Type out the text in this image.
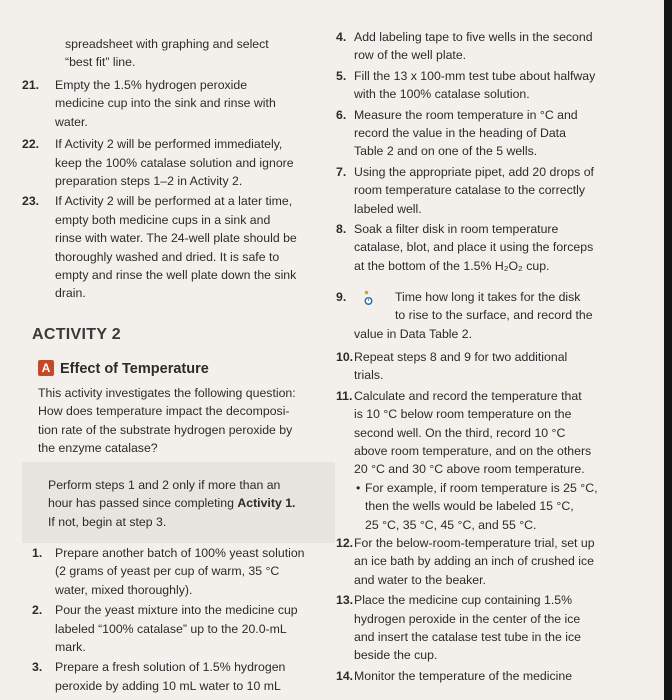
spreadsheet with graphing and select
“best fit” line.
21.	Empty the 1.5% hydrogen peroxide
medicine cup into the sink and rinse with
water.
22.	If Activity 2 will be performed immediately,
keep the 100% catalase solution and ignore
preparation steps 1–2 in Activity 2.
23.	If Activity 2 will be performed at a later time,
empty both medicine cups in a sink and
rinse with water. The 24-well plate should be
thoroughly washed and dried. It is safe to
empty and rinse the well plate down the sink
drain.
ACTIVITY 2
A Effect of Temperature
This activity investigates the following question:
How does temperature impact the decomposi-
tion rate of the substrate hydrogen peroxide by
the enzyme catalase?
Perform steps 1 and 2 only if more than an
hour has passed since completing Activity 1.
If not, begin at step 3.
1.	Prepare another batch of 100% yeast solution
(2 grams of yeast per cup of warm, 35 °C
water, mixed thoroughly).
2.	Pour the yeast mixture into the medicine cup
labeled “100% catalase” up to the 20.0-mL
mark.
3.	Prepare a fresh solution of 1.5% hydrogen
peroxide by adding 10 mL water to 10 mL
4. Add labeling tape to five wells in the second
row of the well plate.
5. Fill the 13 x 100-mm test tube about halfway
with the 100% catalase solution.
6. Measure the room temperature in °C and
record the value in the heading of Data
Table 2 and on one of the 5 wells.
7. Using the appropriate pipet, add 20 drops of
room temperature catalase to the correctly
labeled well.
8. Soak a filter disk in room temperature
catalase, blot, and place it using the forceps
at the bottom of the 1.5% H₂O₂ cup.
9.	Time how long it takes for the disk
to rise to the surface, and record the
value in Data Table 2.
10. Repeat steps 8 and 9 for two additional
trials.
11. Calculate and record the temperature that
is 10 °C below room temperature on the
second well. On the third, record 10 °C
above room temperature, and on the others
20 °C and 30 °C above room temperature.
• For example, if room temperature is 25 °C,
then the wells would be labeled 15 °C,
25 °C, 35 °C, 45 °C, and 55 °C.
12. For the below-room-temperature trial, set up
an ice bath by adding an inch of crushed ice
and water to the beaker.
13. Place the medicine cup containing 1.5%
hydrogen peroxide in the center of the ice
and insert the catalase test tube in the ice
beside the cup.
14. Monitor the temperature of the medicine
